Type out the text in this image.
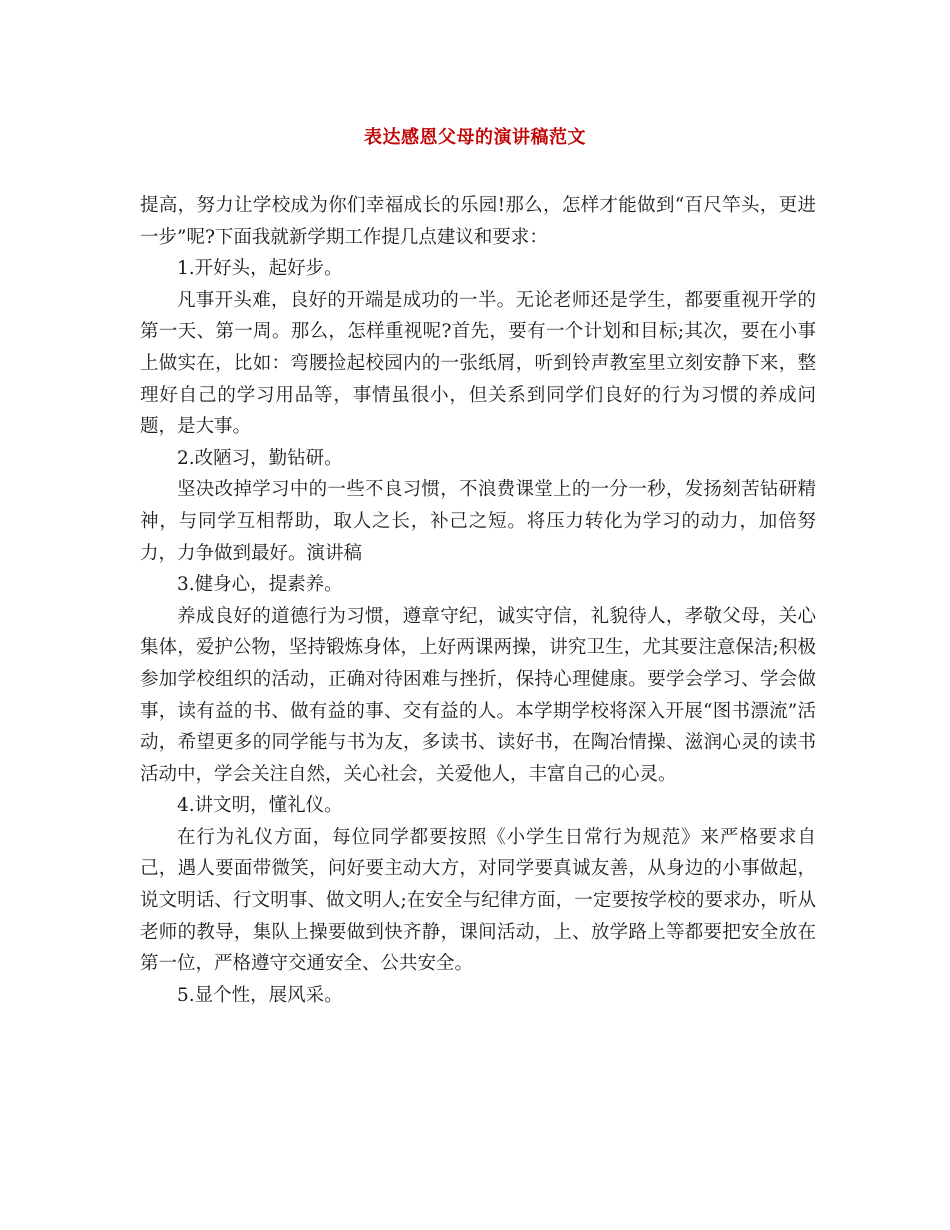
表达感恩父母的演讲稿范文

提高，努力让学校成为你们幸福成长的乐园!那么，怎样才能做到“百尺竿头，更进一步”呢?下面我就新学期工作提几点建议和要求：

1.开好头，起好步。

凡事开头难，良好的开端是成功的一半。无论老师还是学生，都要重视开学的第一天、第一周。那么，怎样重视呢?首先，要有一个计划和目标;其次，要在小事上做实在，比如：弯腰捡起校园内的一张纸屑，听到铃声教室里立刻安静下来，整理好自己的学习用品等，事情虽很小，但关系到同学们良好的行为习惯的养成问题，是大事。

2.改陋习，勤钻研。

坚决改掉学习中的一些不良习惯，不浪费课堂上的一分一秒，发扬刻苦钻研精神，与同学互相帮助，取人之长，补己之短。将压力转化为学习的动力，加倍努力，力争做到最好。演讲稿

3.健身心，提素养。

养成良好的道德行为习惯，遵章守纪，诚实守信，礼貌待人，孝敬父母，关心集体，爱护公物，坚持锻炼身体，上好两课两操，讲究卫生，尤其要注意保洁;积极参加学校组织的活动，正确对待困难与挫折，保持心理健康。要学会学习、学会做事，读有益的书、做有益的事、交有益的人。本学期学校将深入开展“图书漂流”活动，希望更多的同学能与书为友，多读书、读好书，在陶冶情操、滋润心灵的读书活动中，学会关注自然，关心社会，关爱他人，丰富自己的心灵。

4.讲文明，懂礼仪。

在行为礼仪方面，每位同学都要按照《小学生日常行为规范》来严格要求自己，遇人要面带微笑，问好要主动大方，对同学要真诚友善，从身边的小事做起，说文明话、行文明事、做文明人;在安全与纪律方面，一定要按学校的要求办，听从老师的教导，集队上操要做到快齐静，课间活动，上、放学路上等都要把安全放在第一位，严格遵守交通安全、公共安全。

5.显个性，展风采。
